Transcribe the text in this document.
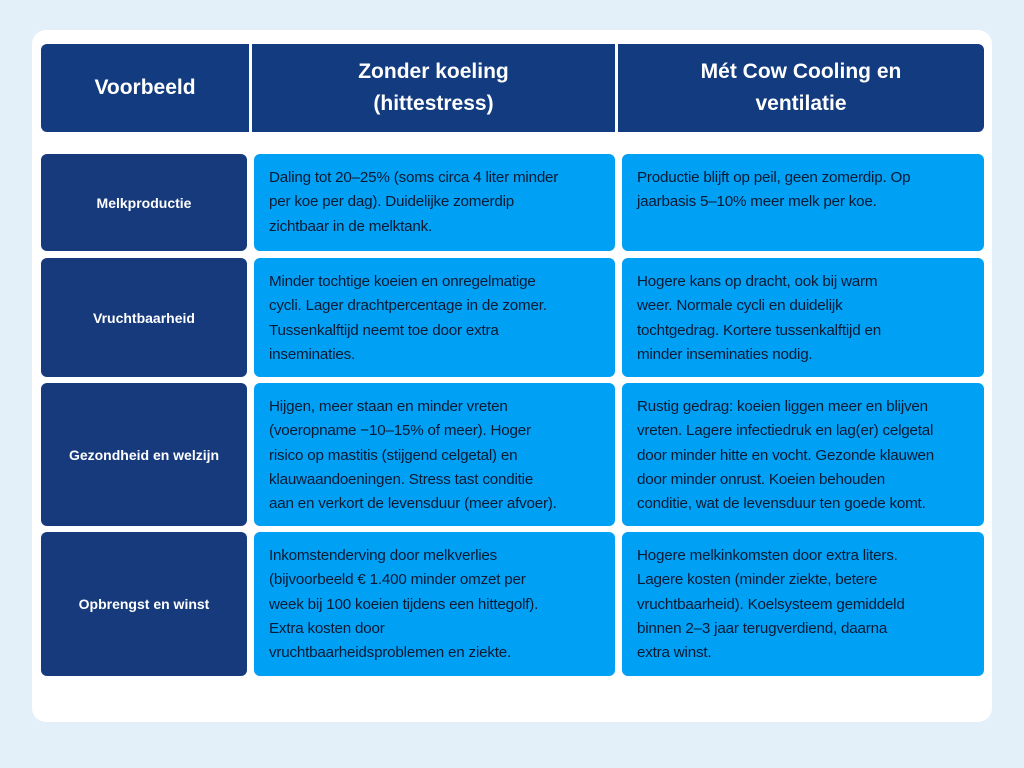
Voorbeeld
Zonder koeling
(hittestress)
Mét Cow Cooling en
ventilatie
Melkproductie
Daling tot 20–25% (soms circa 4 liter minder
per koe per dag). Duidelijke zomerdip
zichtbaar in de melktank.
Productie blijft op peil, geen zomerdip. Op
jaarbasis 5–10% meer melk per koe.
Vruchtbaarheid
Minder tochtige koeien en onregelmatige
cycli. Lager drachtpercentage in de zomer.
Tussenkalftijd neemt toe door extra
inseminaties.
Hogere kans op dracht, ook bij warm
weer. Normale cycli en duidelijk
tochtgedrag. Kortere tussenkalftijd en
minder inseminaties nodig.
Gezondheid en welzijn
Hijgen, meer staan en minder vreten
(voeropname −10–15% of meer). Hoger
risico op mastitis (stijgend celgetal) en
klauwaandoeningen. Stress tast conditie
aan en verkort de levensduur (meer afvoer).
Rustig gedrag: koeien liggen meer en blijven
vreten. Lagere infectiedruk en lag(er) celgetal
door minder hitte en vocht. Gezonde klauwen
door minder onrust. Koeien behouden
conditie, wat de levensduur ten goede komt.
Opbrengst en winst
Inkomstenderving door melkverlies
(bijvoorbeeld € 1.400 minder omzet per
week bij 100 koeien tijdens een hittegolf).
Extra kosten door
vruchtbaarheidsproblemen en ziekte.
Hogere melkinkomsten door extra liters.
Lagere kosten (minder ziekte, betere
vruchtbaarheid). Koelsysteem gemiddeld
binnen 2–3 jaar terugverdiend, daarna
extra winst.
